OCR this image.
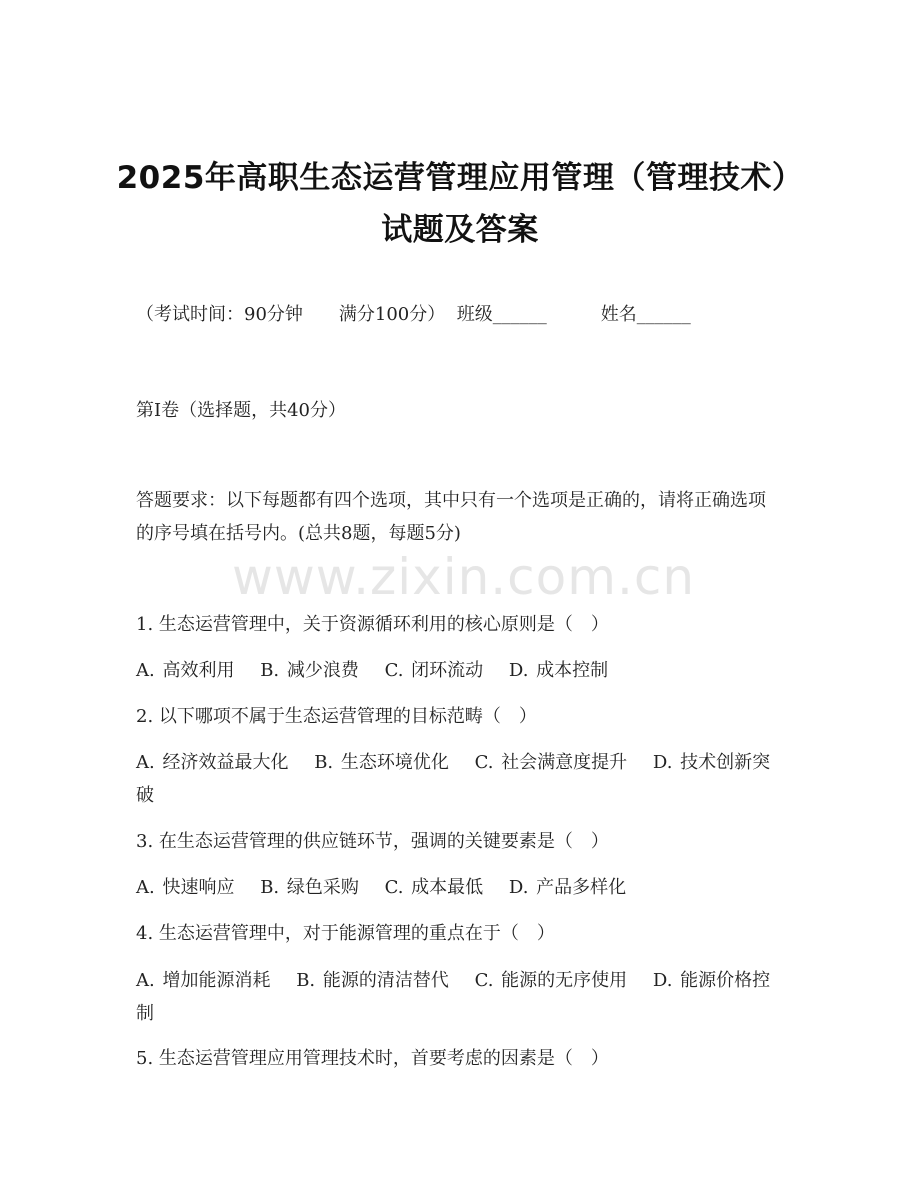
2025年高职生态运营管理应用管理（管理技术）试题及答案
（考试时间：90分钟　　 满分100分） 班级______　　　	姓名______
第Ⅰ卷（选择题，共40分）
答题要求：以下每题都有四个选项，其中只有一个选项是正确的，请将正确选项的序号填在括号内。(总共8题，每题5分)
www.zixin.com.cn
1. 生态运营管理中，关于资源循环利用的核心原则是（　）
A. 高效利用 B. 减少浪费 C. 闭环流动 D. 成本控制
2. 以下哪项不属于生态运营管理的目标范畴（　）
A. 经济效益最大化 B. 生态环境优化 C. 社会满意度提升 D. 技术创新突破
3. 在生态运营管理的供应链环节，强调的关键要素是（　）
A. 快速响应 B. 绿色采购 C. 成本最低 D. 产品多样化
4. 生态运营管理中，对于能源管理的重点在于（　）
A. 增加能源消耗 B. 能源的清洁替代 C. 能源的无序使用 D. 能源价格控制
5. 生态运营管理应用管理技术时，首要考虑的因素是（　）
